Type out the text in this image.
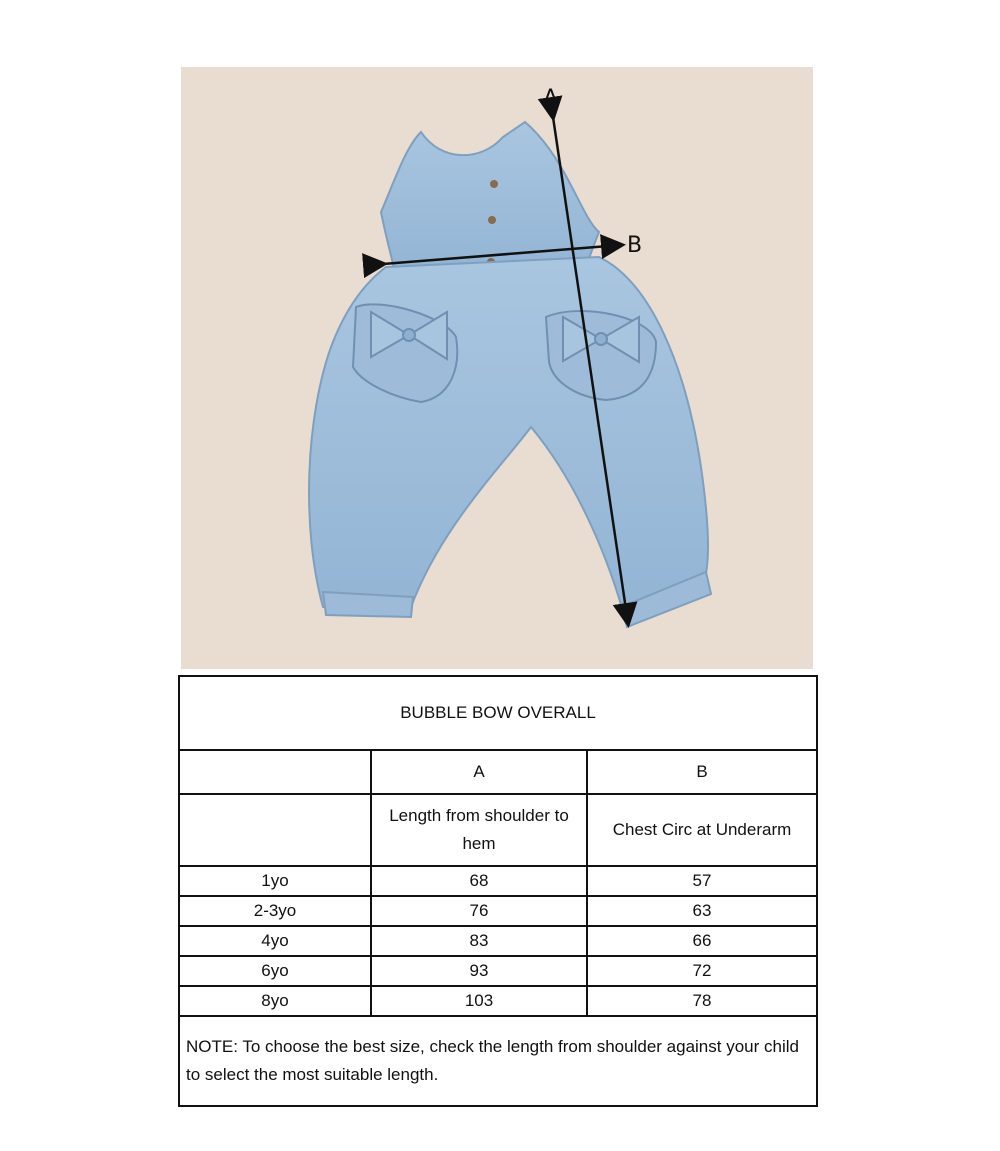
A
B
BUBBLE BOW OVERALL		
	A	B
	Length from shoulder to hem	Chest Circ at Underarm
1yo	68	57
2-3yo	76	63
4yo	83	66
6yo	93	72
8yo	103	78
NOTE: To choose the best size, check the length from shoulder against your child to select the most suitable length.		
